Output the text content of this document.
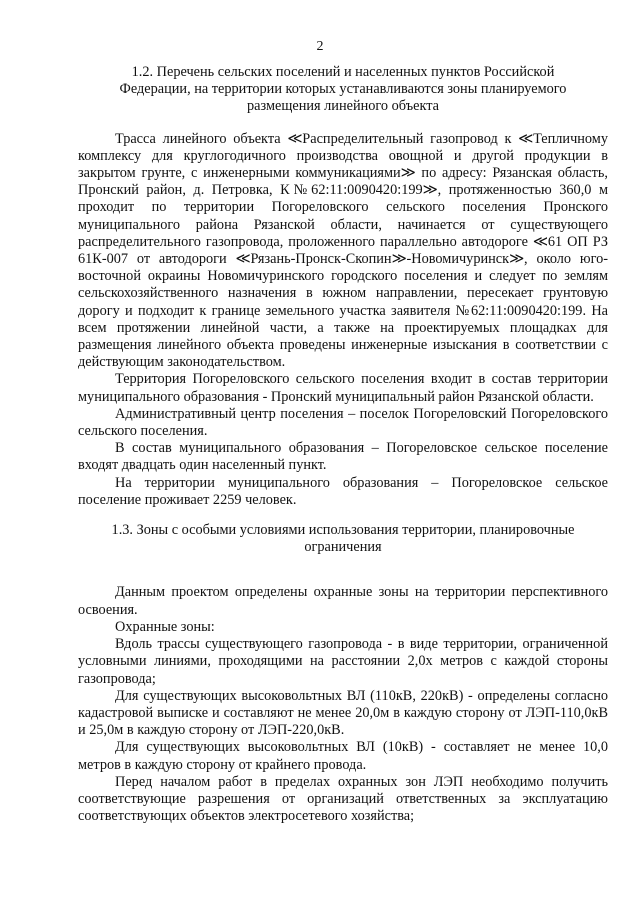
2
1.2. Перечень сельских поселений и населенных пунктов Российской Федерации, на территории которых устанавливаются зоны планируемого размещения линейного объекта

Трасса линейного объекта ≪Распределительный газопровод к ≪Тепличному комплексу для круглогодичного производства овощной и другой продукции в закрытом грунте, с инженерными коммуникациями≫ по адресу: Рязанская область, Пронский район, д. Петровка, К№62:11:0090420:199≫, протяженностью 360,0 м проходит по территории Погореловского сельского поселения Пронского муниципального района Рязанской области, начинается от существующего распределительного газопровода, проложенного параллельно автодороге ≪61 ОП РЗ 61К-007 от автодороги ≪Рязань-Пронск-Скопин≫-Новомичуринск≫, около юго-восточной окраины Новомичуринского городского поселения и следует по землям сельскохозяйственного назначения в южном направлении, пересекает грунтовую дорогу и подходит к границе земельного участка заявителя №62:11:0090420:199. На всем протяжении линейной части, а также на проектируемых площадках для размещения линейного объекта проведены инженерные изыскания в соответствии с действующим законодательством.

Территория Погореловского сельского поселения входит в состав территории муниципального образования - Пронский муниципальный район Рязанской области.

Административный центр поселения – поселок Погореловский Погореловского сельского поселения.

В состав муниципального образования – Погореловское сельское поселение входят двадцать один населенный пункт.

На территории муниципального образования – Погореловское сельское поселение проживает 2259 человек.

1.3. Зоны с особыми условиями использования территории, планировочные ограничения

Данным проектом определены охранные зоны на территории перспективного освоения.

Охранные зоны:

Вдоль трассы существующего газопровода - в виде территории, ограниченной условными линиями, проходящими на расстоянии 2,0х метров с каждой стороны газопровода;

Для существующих высоковольтных ВЛ (110кВ, 220кВ) - определены согласно кадастровой выписке и составляют не менее 20,0м в каждую сторону от ЛЭП-110,0кВ и 25,0м в каждую сторону от ЛЭП-220,0кВ.

Для существующих высоковольтных ВЛ (10кВ) - составляет не менее 10,0 метров в каждую сторону от крайнего провода.

Перед началом работ в пределах охранных зон ЛЭП необходимо получить соответствующие разрешения от организаций ответственных за эксплуатацию соответствующих объектов электросетевого хозяйства;
